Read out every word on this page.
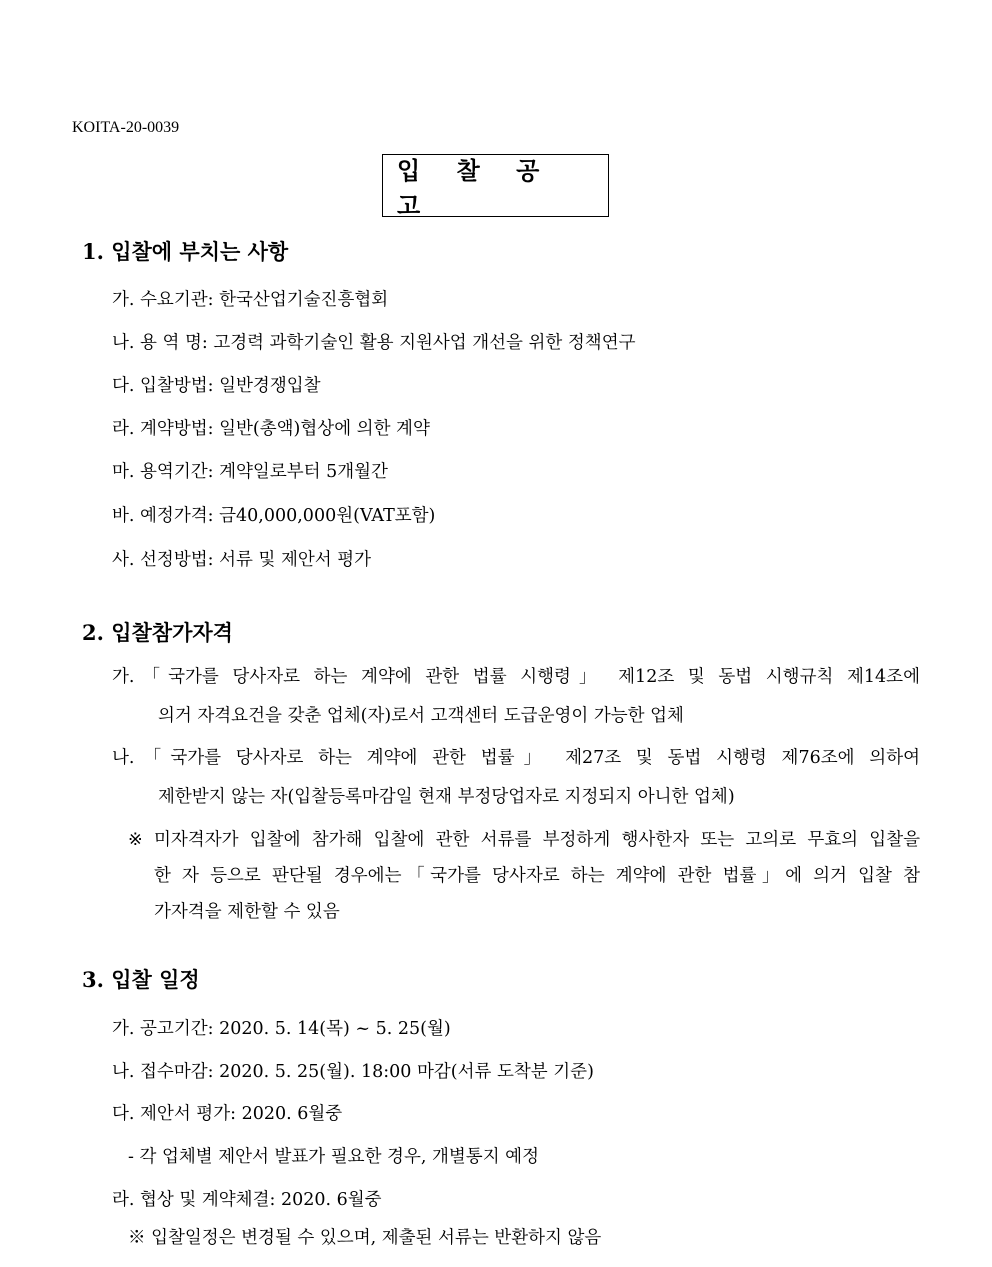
KOITA-20-0039
입 찰 공 고
1. 입찰에 부치는 사항
가. 수요기관: 한국산업기술진흥협회
나. 용 역 명: 고경력 과학기술인 활용 지원사업 개선을 위한 정책연구
다. 입찰방법: 일반경쟁입찰
라. 계약방법: 일반(총액)협상에 의한 계약
마. 용역기간: 계약일로부터 5개월간
바. 예정가격: 금40,000,000원(VAT포함)
사. 선정방법: 서류 및 제안서 평가
2. 입찰참가자격
가.「국가를 당사자로 하는 계약에 관한 법률 시행령」 제12조 및 동법 시행규칙 제14조에
의거 자격요건을 갖춘 업체(자)로서 고객센터 도급운영이 가능한 업체
나.「국가를 당사자로 하는 계약에 관한 법률」 제27조 및 동법 시행령 제76조에 의하여
제한받지 않는 자(입찰등록마감일 현재 부정당업자로 지정되지 아니한 업체)
※ 미자격자가 입찰에 참가해 입찰에 관한 서류를 부정하게 행사한자 또는 고의로 무효의 입찰을
한 자 등으로 판단될 경우에는「국가를 당사자로 하는 계약에 관한 법률」에 의거 입찰 참
가자격을 제한할 수 있음
3. 입찰 일정
가. 공고기간: 2020. 5. 14(목) ~ 5. 25(월)
나. 접수마감: 2020. 5. 25(월). 18:00 마감(서류 도착분 기준)
다. 제안서 평가: 2020. 6월중
- 각 업체별 제안서 발표가 필요한 경우, 개별통지 예정
라. 협상 및 계약체결: 2020. 6월중
※ 입찰일정은 변경될 수 있으며, 제출된 서류는 반환하지 않음
